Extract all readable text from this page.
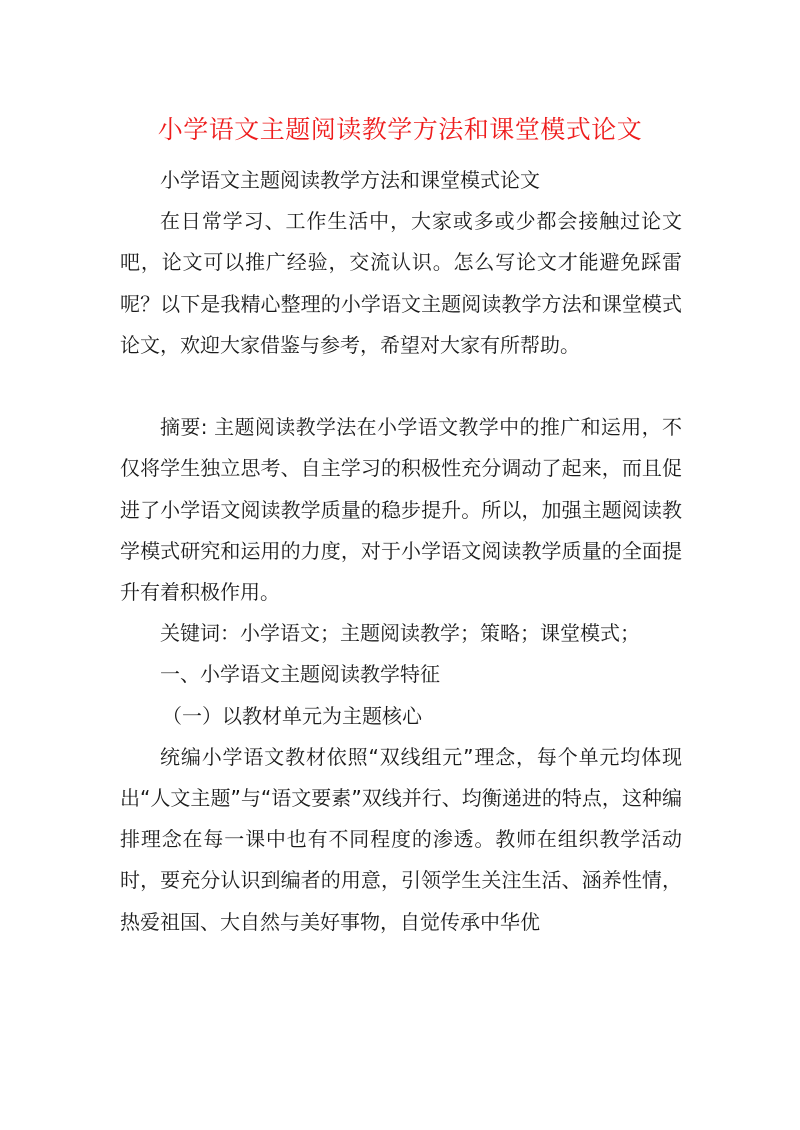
小学语文主题阅读教学方法和课堂模式论文

小学语文主题阅读教学方法和课堂模式论文

在日常学习、工作生活中，大家或多或少都会接触过论文吧，论文可以推广经验，交流认识。怎么写论文才能避免踩雷呢？以下是我精心整理的小学语文主题阅读教学方法和课堂模式论文，欢迎大家借鉴与参考，希望对大家有所帮助。

摘要: 主题阅读教学法在小学语文教学中的推广和运用，不仅将学生独立思考、自主学习的积极性充分调动了起来，而且促进了小学语文阅读教学质量的稳步提升。所以，加强主题阅读教学模式研究和运用的力度，对于小学语文阅读教学质量的全面提升有着积极作用。

关键词：小学语文；主题阅读教学；策略；课堂模式；

一、小学语文主题阅读教学特征

（一）以教材单元为主题核心

统编小学语文教材依照“双线组元”理念，每个单元均体现出“人文主题”与“语文要素”双线并行、均衡递进的特点，这种编排理念在每一课中也有不同程度的渗透。教师在组织教学活动时，要充分认识到编者的用意，引领学生关注生活、涵养性情，热爱祖国、大自然与美好事物，自觉传承中华优
